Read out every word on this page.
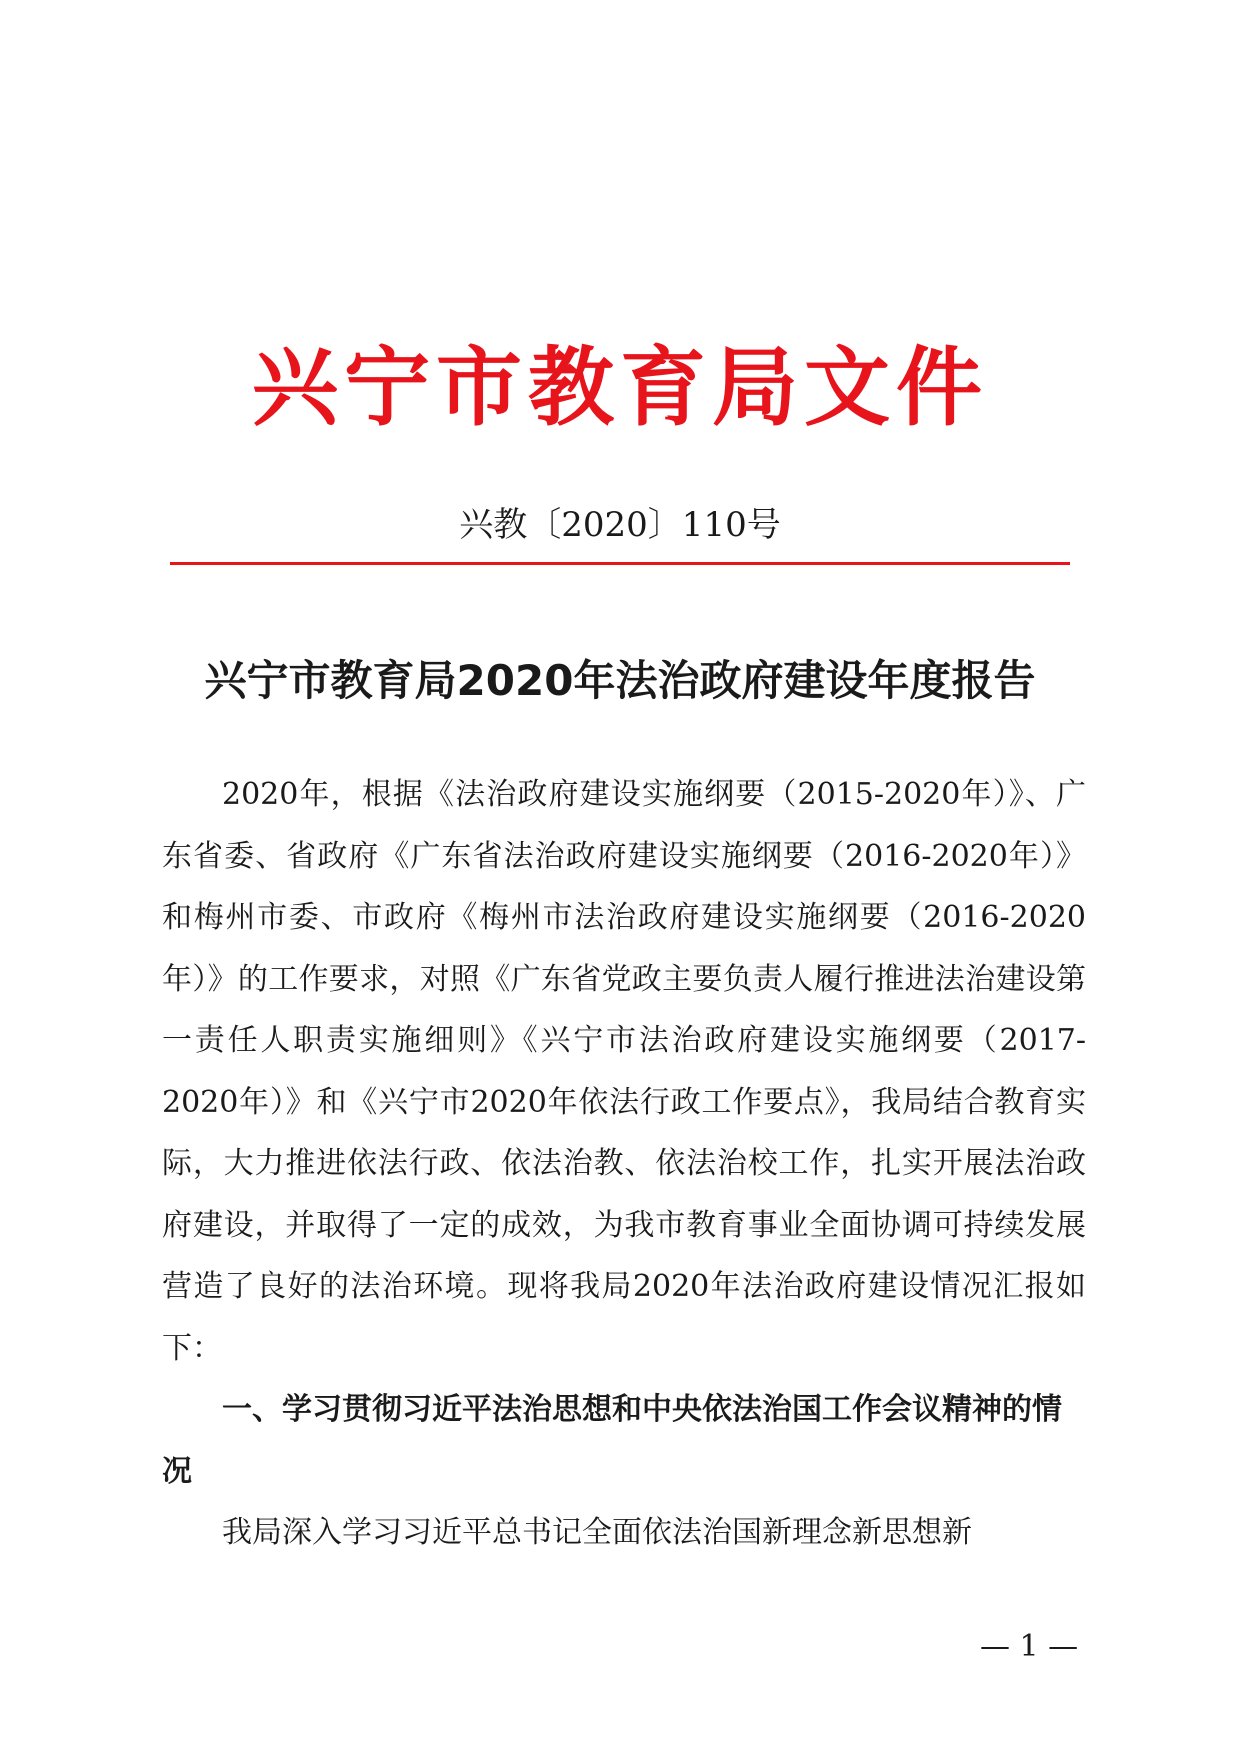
兴宁市教育局文件
兴教〔2020〕110号
兴宁市教育局2020年法治政府建设年度报告

2020年，根据《法治政府建设实施纲要（2015-2020年）》、广东省委、省政府《广东省法治政府建设实施纲要（2016-2020年）》和梅州市委、市政府《梅州市法治政府建设实施纲要（2016-2020年）》的工作要求，对照《广东省党政主要负责人履行推进法治建设第一责任人职责实施细则》《兴宁市法治政府建设实施纲要（2017-2020年）》和《兴宁市2020年依法行政工作要点》，我局结合教育实际，大力推进依法行政、依法治教、依法治校工作，扎实开展法治政府建设，并取得了一定的成效，为我市教育事业全面协调可持续发展营造了良好的法治环境。现将我局2020年法治政府建设情况汇报如下：

一、学习贯彻习近平法治思想和中央依法治国工作会议精神的情况

我局深入学习习近平总书记全面依法治国新理念新思想新

— 1 —
